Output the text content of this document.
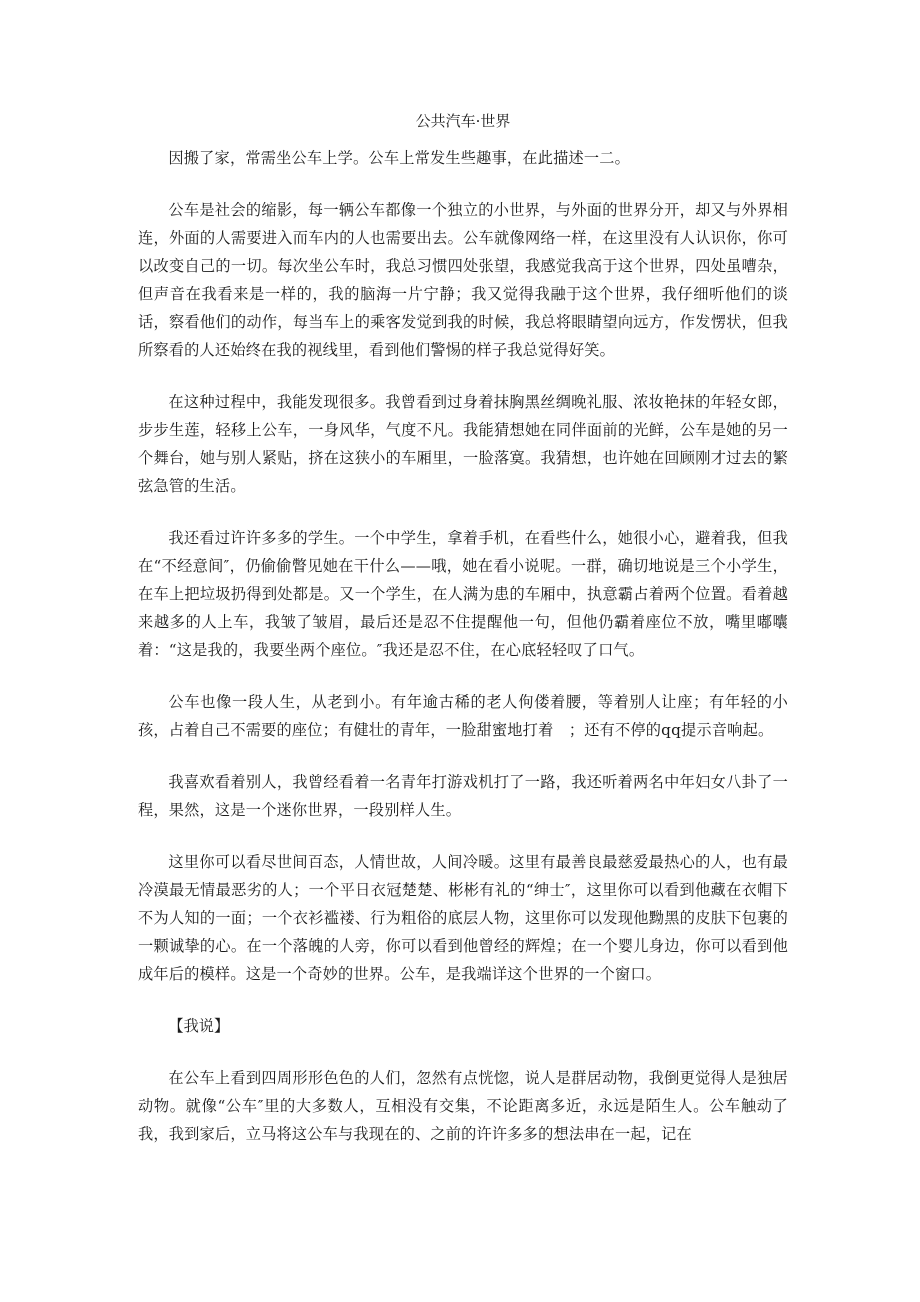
公共汽车·世界

因搬了家，常需坐公车上学。公车上常发生些趣事，在此描述一二。

公车是社会的缩影，每一辆公车都像一个独立的小世界，与外面的世界分开，却又与外界相连，外面的人需要进入而车内的人也需要出去。公车就像网络一样，在这里没有人认识你，你可以改变自己的一切。每次坐公车时，我总习惯四处张望，我感觉我高于这个世界，四处虽嘈杂，但声音在我看来是一样的，我的脑海一片宁静；我又觉得我融于这个世界，我仔细听他们的谈话，察看他们的动作，每当车上的乘客发觉到我的时候，我总将眼睛望向远方，作发愣状，但我所察看的人还始终在我的视线里，看到他们警惕的样子我总觉得好笑。

在这种过程中，我能发现很多。我曾看到过身着抹胸黑丝绸晚礼服、浓妆艳抹的年轻女郎，步步生莲，轻移上公车，一身风华，气度不凡。我能猜想她在同伴面前的光鲜，公车是她的另一个舞台，她与别人紧贴，挤在这狭小的车厢里，一脸落寞。我猜想，也许她在回顾刚才过去的繁弦急管的生活。

我还看过许许多多的学生。一个中学生，拿着手机，在看些什么，她很小心，避着我，但我在“不经意间″，仍偷偷瞥见她在干什么——哦，她在看小说呢。一群，确切地说是三个小学生，在车上把垃圾扔得到处都是。又一个学生，在人满为患的车厢中，执意霸占着两个位置。看着越来越多的人上车，我皱了皱眉，最后还是忍不住提醒他一句，但他仍霸着座位不放，嘴里嘟囔着：“这是我的，我要坐两个座位。″我还是忍不住，在心底轻轻叹了口气。

公车也像一段人生，从老到小。有年逾古稀的老人佝偻着腰，等着别人让座；有年轻的小孩，占着自己不需要的座位；有健壮的青年，一脸甜蜜地打着　；还有不停的qq提示音响起。

我喜欢看着别人，我曾经看着一名青年打游戏机打了一路，我还听着两名中年妇女八卦了一程，果然，这是一个迷你世界，一段别样人生。

这里你可以看尽世间百态，人情世故，人间冷暖。这里有最善良最慈爱最热心的人，也有最冷漠最无情最恶劣的人；一个平日衣冠楚楚、彬彬有礼的“绅士″，这里你可以看到他藏在衣帽下不为人知的一面；一个衣衫褴褛、行为粗俗的底层人物，这里你可以发现他黝黑的皮肤下包裹的一颗诚挚的心。在一个落魄的人旁，你可以看到他曾经的辉煌；在一个婴儿身边，你可以看到他成年后的模样。这是一个奇妙的世界。公车，是我端详这个世界的一个窗口。

【我说】

在公车上看到四周形形色色的人们，忽然有点恍惚，说人是群居动物，我倒更觉得人是独居动物。就像“公车″里的大多数人，互相没有交集，不论距离多近，永远是陌生人。公车触动了我，我到家后，立马将这公车与我现在的、之前的许许多多的想法串在一起，记在
